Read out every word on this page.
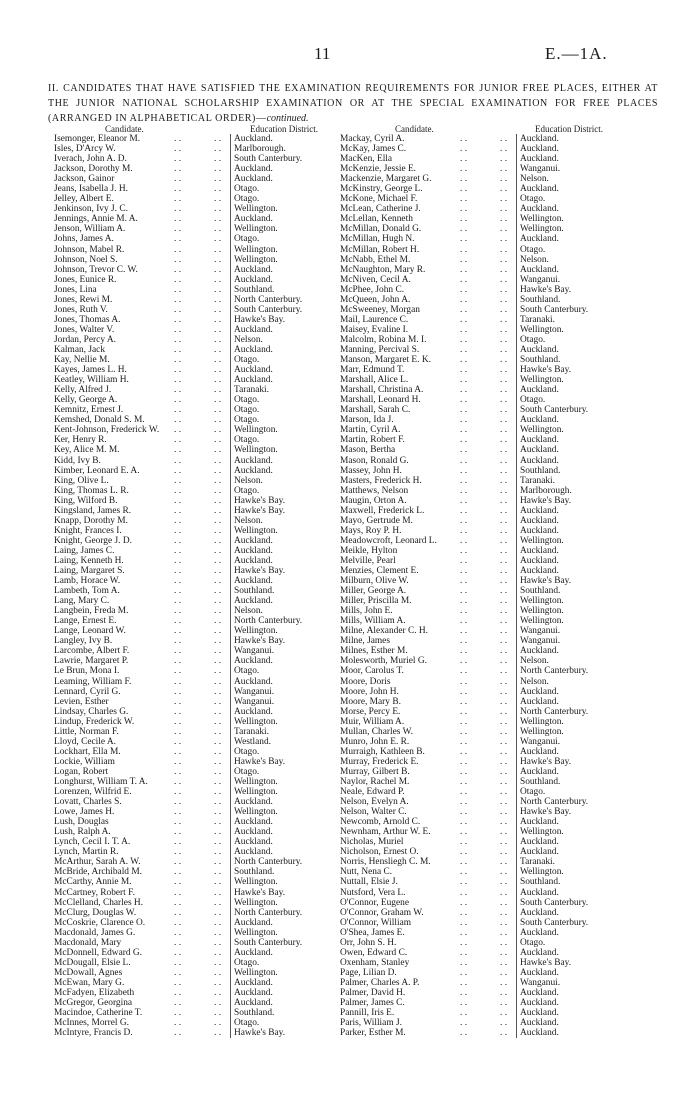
11	E.—1A.
II. CANDIDATES THAT HAVE SATISFIED THE EXAMINATION REQUIREMENTS FOR JUNIOR FREE PLACES, EITHER AT THE JUNIOR NATIONAL SCHOLARSHIP EXAMINATION OR AT THE SPECIAL EXAMINATION FOR FREE PLACES (ARRANGED IN ALPHABETICAL ORDER)—continued.
Candidate.	Education District.	Candidate.	Education District.
Isemonger, Eleanor M.	. .	. . Auckland.
Isles, D'Arcy W.	. .	. . Marlborough.
Iverach, John A. D.	. .	. . South Canterbury.
Jackson, Dorothy M.	. .	. . Auckland.
Jackson, Gainor	. .	. . Auckland.
Jeans, Isabella J. H.	. .	. . Otago.
Jelley, Albert E.	. .	. . Otago.
Jenkinson, Ivy J. C.	. .	. . Wellington.
Jennings, Annie M. A.	. .	. . Auckland.
Jenson, William A.	. .	. . Wellington.
Johns, James A.	. .	. . Otago.
Johnson, Mabel R.	. .	. . Wellington.
Johnson, Noel S.	. .	. . Wellington.
Johnson, Trevor C. W.	. .	. . Auckland.
Jones, Eunice R.	. .	. . Auckland.
Jones, Lina	. .	. . Southland.
Jones, Rewi M.	. .	. . North Canterbury.
Jones, Ruth V.	. .	. . South Canterbury.
Jones, Thomas A.	. .	. . Hawke's Bay.
Jones, Walter V.	. .	. . Auckland.
Jordan, Percy A.	. .	. . Nelson.
Kalman, Jack	. .	. . Auckland.
Kay, Nellie M.	. .	. . Otago.
Kayes, James L. H.	. .	. . Auckland.
Keatley, William H.	. .	. . Auckland.
Kelly, Alfred J.	. .	. . Taranaki.
Kelly, George A.	. .	. . Otago.
Kemnitz, Ernest J.	. .	. . Otago.
Kemshed, Donald S. M.	. .	. . Otago.
Kent-Johnson, Frederick W. . .	. . Wellington.
Ker, Henry R.	. .	. . Otago.
Key, Alice M. M.	. .	. . Wellington.
Kidd, Ivy B.	. .	. . Auckland.
Kimber, Leonard E. A.	. .	. . Auckland.
King, Olive L.	. .	. . Nelson.
King, Thomas L. R.	. .	. . Otago.
King, Wilford B.	. .	. . Hawke's Bay.
Kingsland, James R.	. .	. . Hawke's Bay.
Knapp, Dorothy M.	. .	. . Nelson.
Knight, Frances I.	. .	. . Wellington.
Knight, George J. D.	. .	. . Auckland.
Laing, James C.	. .	. . Auckland.
Laing, Kenneth H.	. .	. . Auckland.
Laing, Margaret S.	. .	. . Hawke's Bay.
Lamb, Horace W.	. .	. . Auckland.
Lambeth, Tom A.	. .	. . Southland.
Lang, Mary C.	. .	. . Auckland.
Langbein, Freda M.	. .	. . Nelson.
Lange, Ernest E.	. .	. . North Canterbury.
Lange, Leonard W.	. .	. . Wellington.
Langley, Ivy B.	. .	. . Hawke's Bay.
Larcombe, Albert F.	. .	. . Wanganui.
Lawrie, Margaret P.	. .	. . Auckland.
Le Brun, Mona I.	. .	. . Otago.
Leaming, William F.	. .	. . Auckland.
Lennard, Cyril G.	. .	. . Wanganui.
Levien, Esther	. .	. . Wanganui.
Lindsay, Charles G.	. .	. . Auckland.
Lindup, Frederick W.	. .	. . Wellington.
Little, Norman F.	. .	. . Taranaki.
Lloyd, Cecile A.	. .	. . Westland.
Lockhart, Ella M.	. .	. . Otago.
Lockie, William	. .	. . Hawke's Bay.
Logan, Robert	. .	. . Otago.
Longhurst, William T. A.	. .	. . Wellington.
Lorenzen, Wilfrid E.	. .	. . Wellington.
Lovatt, Charles S.	. .	. . Auckland.
Lowe, James H.	. .	. . Wellington.
Lush, Douglas	. .	. . Auckland.
Lush, Ralph A.	. .	. . Auckland.
Lynch, Cecil I. T. A.	. .	. . Auckland.
Lynch, Martin R.	. .	. . Auckland.
McArthur, Sarah A. W.	. .	. . North Canterbury.
McBride, Archibald M.	. .	. . Southland.
McCarthy, Annie M.	. .	. . Wellington.
McCartney, Robert F.	. .	. . Hawke's Bay.
McClelland, Charles H.	. .	. . Wellington.
McClurg, Douglas W.	. .	. . North Canterbury.
McCoskrie, Clarence O.	. .	. . Auckland.
Macdonald, James G.	. .	. . Wellington.
Macdonald, Mary	. .	. . South Canterbury.
McDonnell, Edward G.	. .	. . Auckland.
McDougall, Elsie L.	. .	. . Otago.
McDowall, Agnes	. .	. . Wellington.
McEwan, Mary G.	. .	. . Auckland.
McFadyen, Elizabeth	. .	. . Auckland.
McGregor, Georgina	. .	. . Auckland.
Macindoe, Catherine T.	. .	. . Southland.
McInnes, Morrel G.	. .	. . Otago.
McIntyre, Francis D.	. .	. . Hawke's Bay.
Mackay, Cyril A.	. .	. . Auckland.
McKay, James C.	. .	. . Auckland.
MacKen, Ella	. .	. . Auckland.
McKenzie, Jessie E.	. .	. . Wanganui.
Mackenzie, Margaret G.	. .	. . Nelson.
McKinstry, George L.	. .	. . Auckland.
McKone, Michael F.	. .	. . Otago.
McLean, Catherine J.	. .	. . Auckland.
McLellan, Kenneth	. .	. . Wellington.
McMillan, Donald G.	. .	. . Wellington.
McMillan, Hugh N.	. .	. . Auckland.
McMillan, Robert H.	. .	. . Otago.
McNabb, Ethel M.	. .	. . Nelson.
McNaughton, Mary R.	. .	. . Auckland.
McNiven, Cecil A.	. .	. . Wanganui.
McPhee, John C.	. .	. . Hawke's Bay.
McQueen, John A.	. .	. . Southland.
McSweeney, Morgan	. .	. . South Canterbury.
Mail, Laurence C.	. .	. . Taranaki.
Maisey, Evaline I.	. .	. . Wellington.
Malcolm, Robina M. I.	. .	. . Otago.
Manning, Percival S.	. .	. . Auckland.
Manson, Margaret E. K.	. .	. . Southland.
Marr, Edmund T.	. .	. . Hawke's Bay.
Marshall, Alice L.	. .	. . Wellington.
Marshall, Christina A.	. .	. . Auckland.
Marshall, Leonard H.	. .	. . Otago.
Marshall, Sarah C.	. .	. . South Canterbury.
Marson, Ida J.	. .	. . Auckland.
Martin, Cyril A.	. .	. . Wellington.
Martin, Robert F.	. .	. . Auckland.
Mason, Bertha	. .	. . Auckland.
Mason, Ronald G.	. .	. . Auckland.
Massey, John H.	. .	. . Southland.
Masters, Frederick H.	. .	. . Taranaki.
Matthews, Nelson	. .	. . Marlborough.
Maugin, Orton A.	. .	. . Hawke's Bay.
Maxwell, Frederick L.	. .	. . Auckland.
Mayo, Gertrude M.	. .	. . Auckland.
Mays, Roy P. H.	. .	. . Auckland.
Meadowcroft, Leonard L. . .	. . Wellington.
Meikle, Hylton	. .	. . Auckland.
Melville, Pearl	. .	. . Auckland.
Menzies, Clement E.	. .	. . Auckland.
Milburn, Olive W.	. .	. . Hawke's Bay.
Miller, George A.	. .	. . Southland.
Miller, Priscilla M.	. .	. . Wellington.
Mills, John E.	. .	. . Wellington.
Mills, William A.	. .	. . Wellington.
Milne, Alexander C. H.	. .	. . Wanganui.
Milne, James	. .	. . Wanganui.
Milnes, Esther M.	. .	. . Auckland.
Molesworth, Muriel G.	. .	. . Nelson.
Moor, Carolus T.	. .	. . North Canterbury.
Moore, Doris	. .	. . Nelson.
Moore, John H.	. .	. . Auckland.
Moore, Mary B.	. .	. . Auckland.
Morse, Percy E.	. .	. . North Canterbury.
Muir, William A.	. .	. . Wellington.
Mullan, Charles W.	. .	. . Wellington.
Munro, John E. R.	. .	. . Wanganui.
Murraigh, Kathleen B.	. .	. . Auckland.
Murray, Frederick E.	. .	. . Hawke's Bay.
Murray, Gilbert B.	. .	. . Auckland.
Naylor, Rachel M.	. .	. . Southland.
Neale, Edward P.	. .	. . Otago.
Nelson, Evelyn A.	. .	. . North Canterbury.
Nelson, Walter C.	. .	. . Hawke's Bay.
Newcomb, Arnold C.	. .	. . Auckland.
Newnham, Arthur W. E.	. .	. . Wellington.
Nicholas, Muriel	. .	. . Auckland.
Nicholson, Ernest O.	. .	. . Auckland.
Norris, Hensliegh C. M.	. .	. . Taranaki.
Nutt, Nena C.	. .	. . Wellington.
Nuttall, Elsie J.	. .	. . Southland.
Nutsford, Vera L.	. .	. . Auckland.
O'Connor, Eugene	. .	. . South Canterbury.
O'Connor, Graham W.	. .	. . Auckland.
O'Connor, William	. .	. . South Canterbury.
O'Shea, James E.	. .	. . Auckland.
Orr, John S. H.	. .	. . Otago.
Owen, Edward C.	. .	. . Auckland.
Oxenham, Stanley	. .	. . Hawke's Bay.
Page, Lilian D.	. .	. . Auckland.
Palmer, Charles A. P.	. .	. . Wanganui.
Palmer, David H.	. .	. . Auckland.
Palmer, James C.	. .	. . Auckland.
Pannill, Iris E.	. .	. . Auckland.
Paris, William J.	. .	. . Auckland.
Parker, Esther M.	. .	. . Auckland.
